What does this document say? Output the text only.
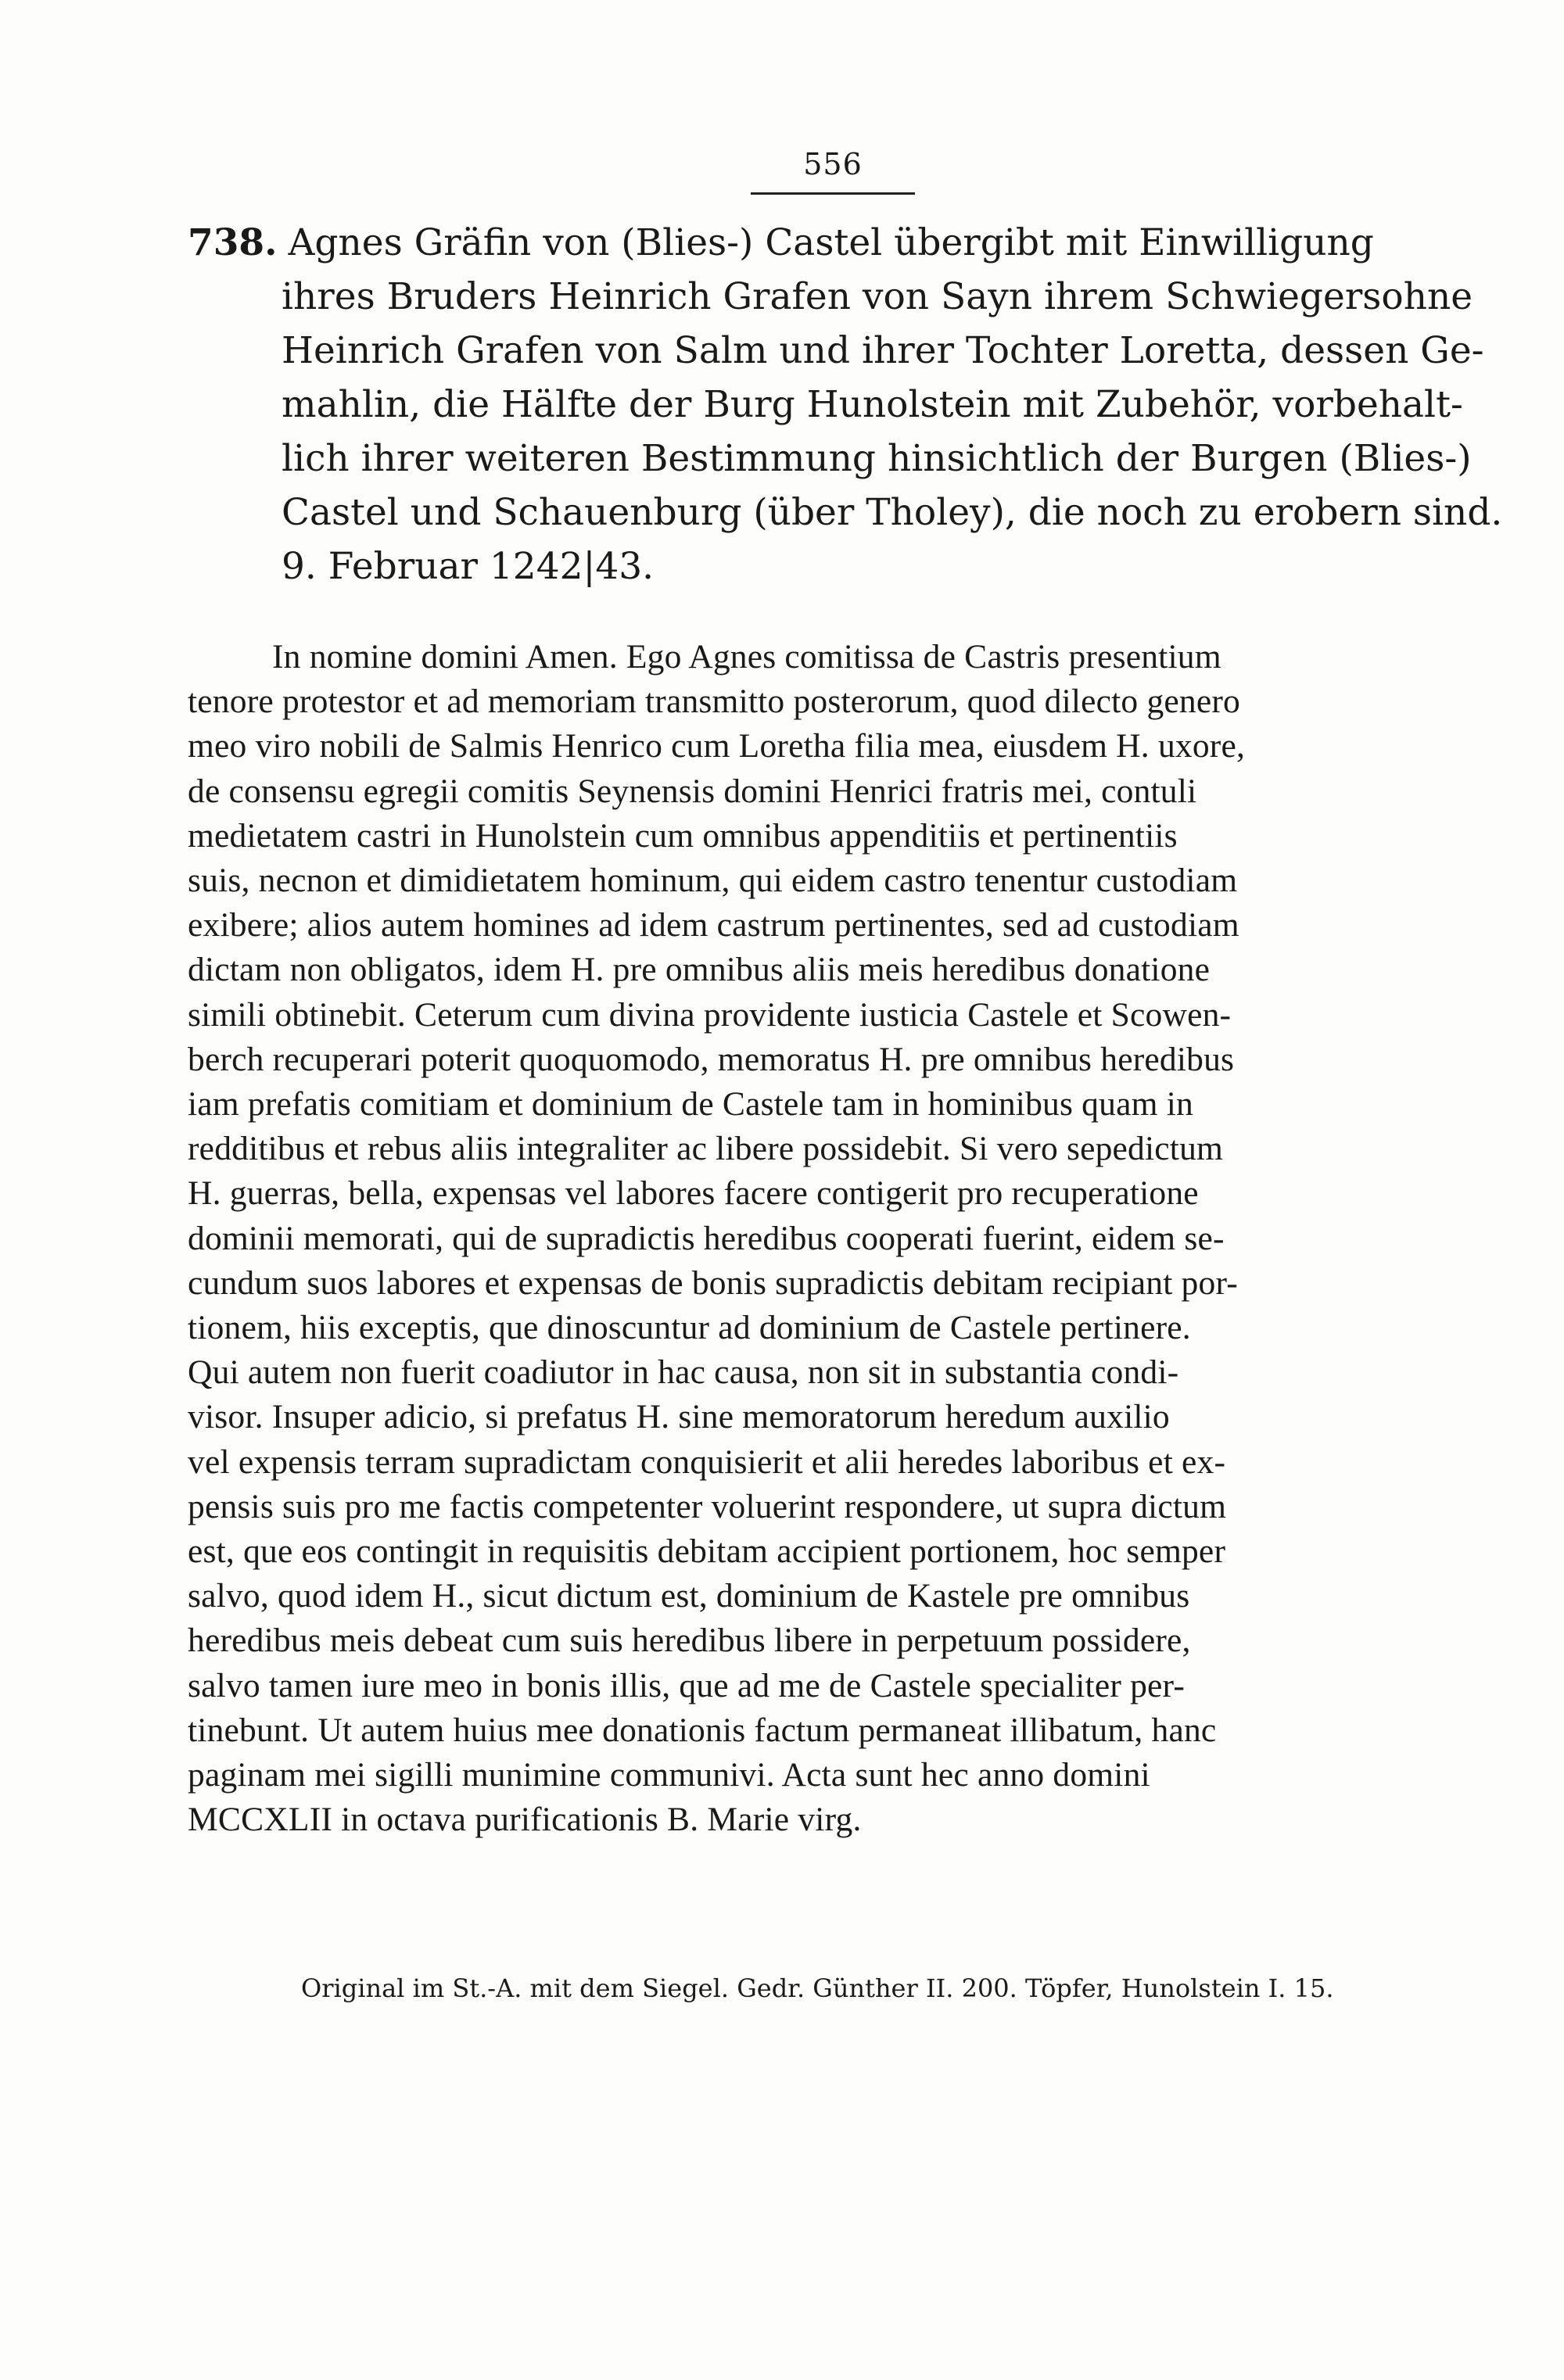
556
738. Agnes Gräfin von (Blies-) Castel übergibt mit Einwilligung
ihres Bruders Heinrich Grafen von Sayn ihrem Schwiegersohne
Heinrich Grafen von Salm und ihrer Tochter Loretta, dessen Ge-
mahlin, die Hälfte der Burg Hunolstein mit Zubehör, vorbehalt-
lich ihrer weiteren Bestimmung hinsichtlich der Burgen (Blies-)
Castel und Schauenburg (über Tholey), die noch zu erobern sind.
9. Februar 1242|43.
In nomine domini Amen. Ego Agnes comitissa de Castris presentium
tenore protestor et ad memoriam transmitto posterorum, quod dilecto genero
meo viro nobili de Salmis Henrico cum Loretha filia mea, eiusdem H. uxore,
de consensu egregii comitis Seynensis domini Henrici fratris mei, contuli
medietatem castri in Hunolstein cum omnibus appenditiis et pertinentiis
suis, necnon et dimidietatem hominum, qui eidem castro tenentur custodiam
exibere; alios autem homines ad idem castrum pertinentes, sed ad custodiam
dictam non obligatos, idem H. pre omnibus aliis meis heredibus donatione
simili obtinebit. Ceterum cum divina providente iusticia Castele et Scowen-
berch recuperari poterit quoquomodo, memoratus H. pre omnibus heredibus
iam prefatis comitiam et dominium de Castele tam in hominibus quam in
redditibus et rebus aliis integraliter ac libere possidebit. Si vero sepedictum
H. guerras, bella, expensas vel labores facere contigerit pro recuperatione
dominii memorati, qui de supradictis heredibus cooperati fuerint, eidem se-
cundum suos labores et expensas de bonis supradictis debitam recipiant por-
tionem, hiis exceptis, que dinoscuntur ad dominium de Castele pertinere.
Qui autem non fuerit coadiutor in hac causa, non sit in substantia condi-
visor. Insuper adicio, si prefatus H. sine memoratorum heredum auxilio
vel expensis terram supradictam conquisierit et alii heredes laboribus et ex-
pensis suis pro me factis competenter voluerint respondere, ut supra dictum
est, que eos contingit in requisitis debitam accipient portionem, hoc semper
salvo, quod idem H., sicut dictum est, dominium de Kastele pre omnibus
heredibus meis debeat cum suis heredibus libere in perpetuum possidere,
salvo tamen iure meo in bonis illis, que ad me de Castele specialiter per-
tinebunt. Ut autem huius mee donationis factum permaneat illibatum, hanc
paginam mei sigilli munimine communivi. Acta sunt hec anno domini
MCCXLII in octava purificationis B. Marie virg.
Original im St.-A. mit dem Siegel. Gedr. Günther II. 200. Töpfer, Hunolstein I. 15.
